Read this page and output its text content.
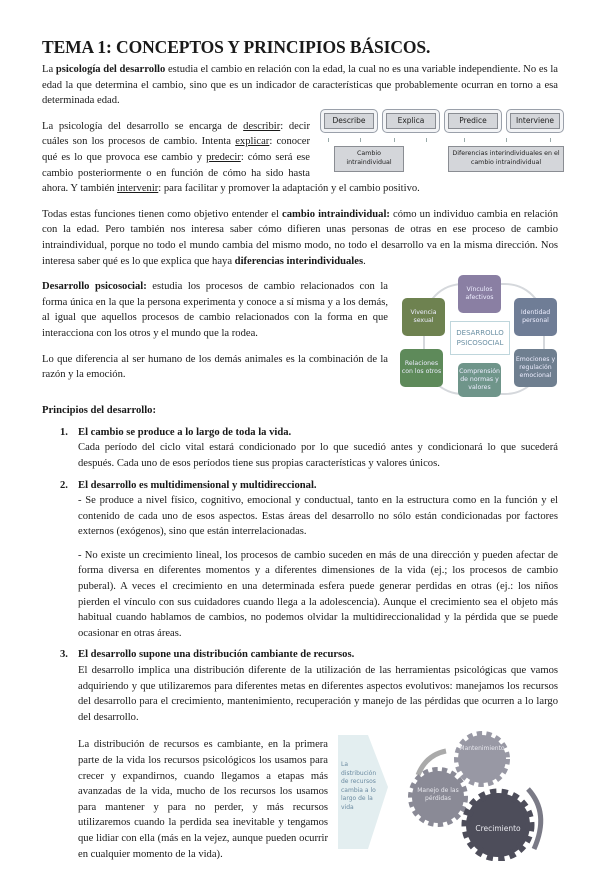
TEMA 1: CONCEPTOS Y PRINCIPIOS BÁSICOS.

La psicología del desarrollo estudia el cambio en relación con la edad, la cual no es una variable independiente. No es la edad la que determina el cambio, sino que es un indicador de características que probablemente ocurran en torno a esa determinada edad.

Describe	Explica	Predice	Interviene
Cambio intraindividual
Diferencias interindividuales en el cambio intraindividual

La psicología del desarrollo se encarga de describir: decir cuáles son los procesos de cambio. Intenta explicar: conocer qué es lo que provoca ese cambio y predecir: cómo será ese cambio posteriormente o en función de cómo ha sido hasta ahora. Y también intervenir: para facilitar y promover la adaptación y el cambio positivo.

Todas estas funciones tienen como objetivo entender el cambio intraindividual: cómo un individuo cambia en relación con la edad. Pero también nos interesa saber cómo difieren unas personas de otras en ese proceso de cambio intraindividual, porque no todo el mundo cambia del mismo modo, no todo el desarrollo va en la misma dirección. Nos interesa saber qué es lo que explica que haya diferencias interindividuales.

DESARROLLO PSICOSOCIAL
Vínculos afectivos
Identidad personal
Emociones y regulación emocional
Comprensión de normas y valores
Relaciones con los otros
Vivencia sexual

Desarrollo psicosocial: estudia los procesos de cambio relacionados con la forma única en la que la persona experimenta y conoce a sí misma y a los demás, al igual que aquellos procesos de cambio relacionados con la forma en que interacciona con los otros y el mundo que la rodea.

Lo que diferencia al ser humano de los demás animales es la combinación de la razón y la emoción.

Principios del desarrollo:
1. El cambio se produce a lo largo de toda la vida.

Cada período del ciclo vital estará condicionado por lo que sucedió antes y condicionará lo que sucederá después. Cada uno de esos períodos tiene sus propias características y valores únicos.

2. El desarrollo es multidimensional y multidireccional.

- Se produce a nivel físico, cognitivo, emocional y conductual, tanto en la estructura como en la función y el contenido de cada uno de esos aspectos. Estas áreas del desarrollo no sólo están condicionadas por factores externos (exógenos), sino que están interrelacionadas.

- No existe un crecimiento lineal, los procesos de cambio suceden en más de una dirección y pueden afectar de forma diversa en diferentes momentos y a diferentes dimensiones de la vida (ej.; los procesos de cambio puberal). A veces el crecimiento en una determinada esfera puede generar perdidas en otras (ej.: los niños pierden el vínculo con sus cuidadores cuando llega a la adolescencia). Aunque el crecimiento sea el objeto más habitual cuando hablamos de cambios, no podemos olvidar la multidireccionalidad y la pérdida que se puede ocasionar en otras áreas.

3. El desarrollo supone una distribución cambiante de recursos.

El desarrollo implica una distribución diferente de la utilización de las herramientas psicológicas que vamos adquiriendo y que utilizaremos para diferentes metas en diferentes aspectos evolutivos: manejamos los recursos del desarrollo para el crecimiento, mantenimiento, recuperación y manejo de las pérdidas que ocurren a lo largo del desarrollo.

La distribución de recursos cambia a lo largo de la vida
Mantenimiento
Manejo de las pérdidas
Crecimiento

La distribución de recursos es cambiante, en la primera parte de la vida los recursos psicológicos los usamos para crecer y expandirnos, cuando llegamos a etapas más avanzadas de la vida, mucho de los recursos los usamos para mantener y para no perder, y más recursos utilizaremos cuando la perdida sea inevitable y tengamos que lidiar con ella (más en la vejez, aunque pueden ocurrir en cualquier momento de la vida).
